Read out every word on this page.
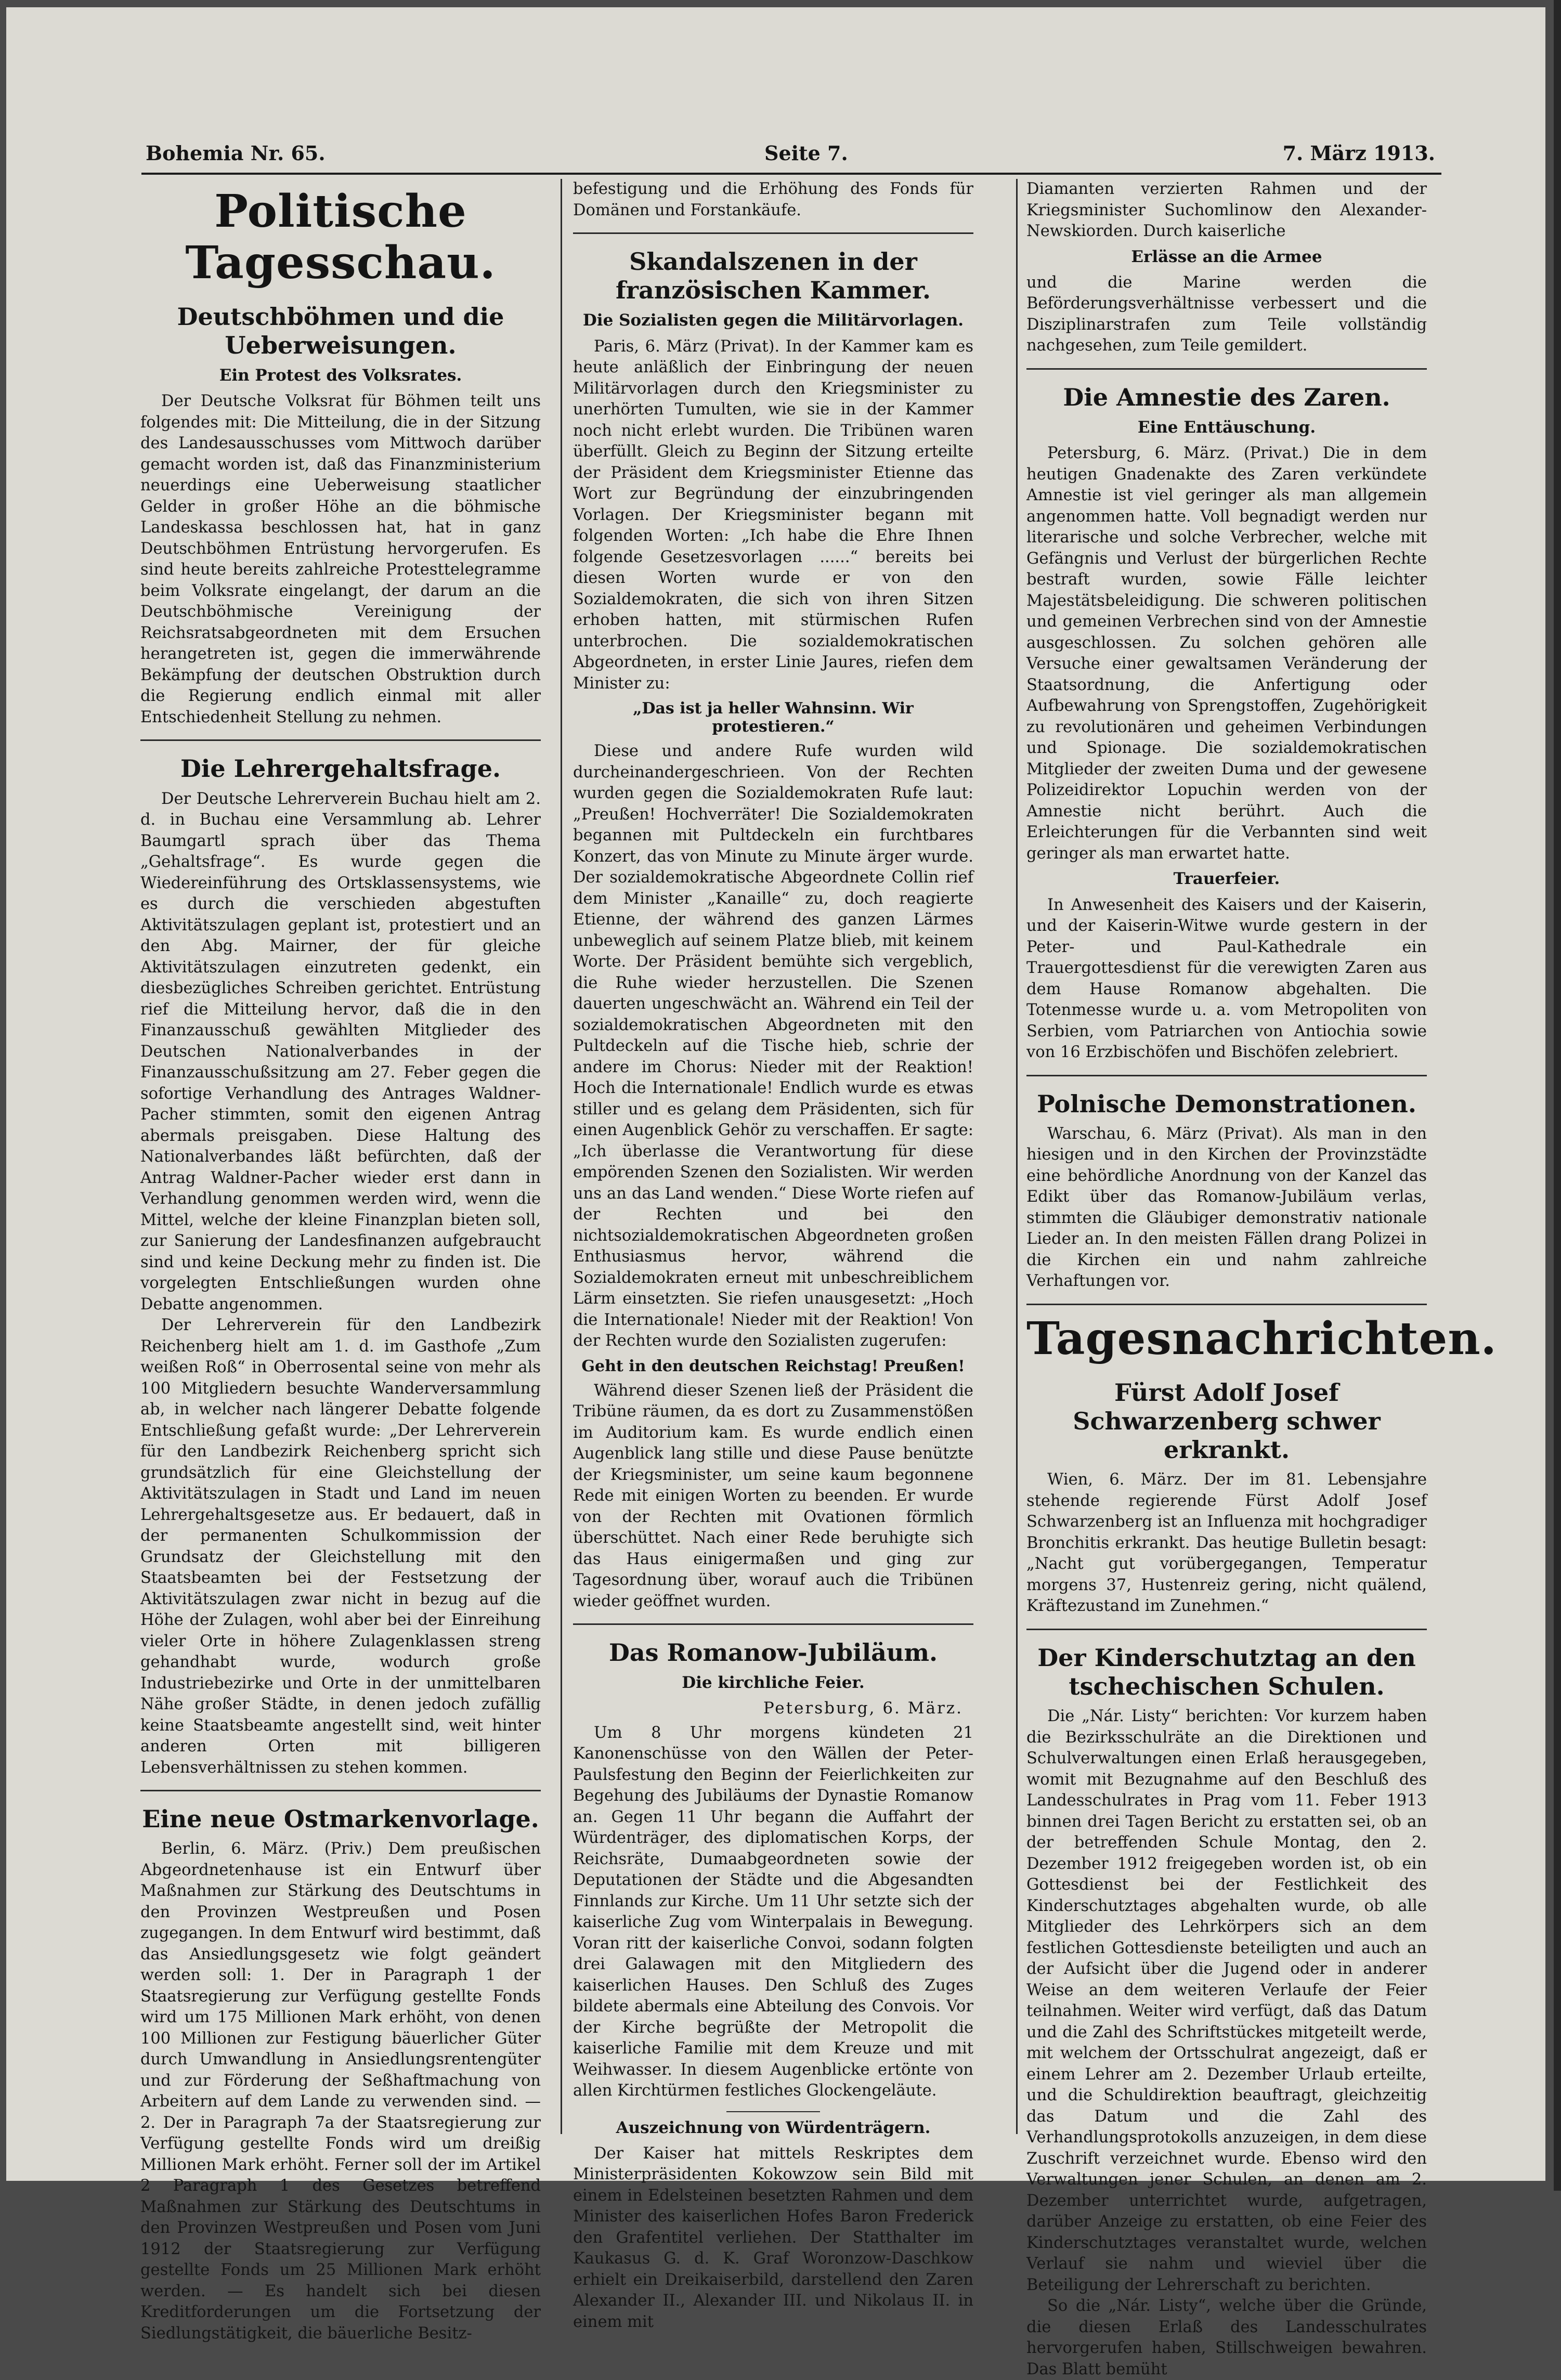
Bohemia Nr. 65.	Seite 7.	7. März 1913.
Politische Tagesschau.
Deutschböhmen und die Ueberweisungen.
Ein Protest des Volksrates.

Der Deutsche Volksrat für Böhmen teilt uns folgendes mit: Die Mitteilung, die in der Sitzung des Landesausschusses vom Mittwoch darüber gemacht worden ist, daß das Finanzministerium neuerdings eine Ueberweisung staatlicher Gelder in großer Höhe an die böhmische Landeskassa beschlossen hat, hat in ganz Deutschböhmen Entrüstung hervorgerufen. Es sind heute bereits zahlreiche Protesttelegramme beim Volksrate eingelangt, der darum an die Deutschböhmische Vereinigung der Reichsratsabgeordneten mit dem Ersuchen herangetreten ist, gegen die immerwährende Bekämpfung der deutschen Obstruktion durch die Regierung endlich einmal mit aller Entschiedenheit Stellung zu nehmen.

Die Lehrergehaltsfrage.

Der Deutsche Lehrerverein Buchau hielt am 2. d. in Buchau eine Versammlung ab. Lehrer Baumgartl sprach über das Thema „Gehaltsfrage“. Es wurde gegen die Wiedereinführung des Ortsklassensystems, wie es durch die verschieden abgestuften Aktivitätszulagen geplant ist, protestiert und an den Abg. Mairner, der für gleiche Aktivitätszulagen einzutreten gedenkt, ein diesbezügliches Schreiben gerichtet. Entrüstung rief die Mitteilung hervor, daß die in den Finanzausschuß gewählten Mitglieder des Deutschen Nationalverbandes in der Finanzausschußsitzung am 27. Feber gegen die sofortige Verhandlung des Antrages Waldner-Pacher stimmten, somit den eigenen Antrag abermals preisgaben. Diese Haltung des Nationalverbandes läßt befürchten, daß der Antrag Waldner-Pacher wieder erst dann in Verhandlung genommen werden wird, wenn die Mittel, welche der kleine Finanzplan bieten soll, zur Sanierung der Landesfinanzen aufgebraucht sind und keine Deckung mehr zu finden ist. Die vorgelegten Entschließungen wurden ohne Debatte angenommen.

Der Lehrerverein für den Landbezirk Reichenberg hielt am 1. d. im Gasthofe „Zum weißen Roß“ in Oberrosental seine von mehr als 100 Mitgliedern besuchte Wanderversammlung ab, in welcher nach längerer Debatte folgende Entschließung gefaßt wurde: „Der Lehrerverein für den Landbezirk Reichenberg spricht sich grundsätzlich für eine Gleichstellung der Aktivitätszulagen in Stadt und Land im neuen Lehrergehaltsgesetze aus. Er bedauert, daß in der permanenten Schulkommission der Grundsatz der Gleichstellung mit den Staatsbeamten bei der Festsetzung der Aktivitätszulagen zwar nicht in bezug auf die Höhe der Zulagen, wohl aber bei der Einreihung vieler Orte in höhere Zulagenklassen streng gehandhabt wurde, wodurch große Industriebezirke und Orte in der unmittelbaren Nähe großer Städte, in denen jedoch zufällig keine Staatsbeamte angestellt sind, weit hinter anderen Orten mit billigeren Lebensverhältnissen zu stehen kommen.

Eine neue Ostmarkenvorlage.

Berlin, 6. März. (Priv.) Dem preußischen Abgeordnetenhause ist ein Entwurf über Maßnahmen zur Stärkung des Deutschtums in den Provinzen Westpreußen und Posen zugegangen. In dem Entwurf wird bestimmt, daß das Ansiedlungsgesetz wie folgt geändert werden soll: 1. Der in Paragraph 1 der Staatsregierung zur Verfügung gestellte Fonds wird um 175 Millionen Mark erhöht, von denen 100 Millionen zur Festigung bäuerlicher Güter durch Umwandlung in Ansiedlungsrentengüter und zur Förderung der Seßhaftmachung von Arbeitern auf dem Lande zu verwenden sind. — 2. Der in Paragraph 7a der Staatsregierung zur Verfügung gestellte Fonds wird um dreißig Millionen Mark erhöht. Ferner soll der im Artikel 2 Paragraph 1 des Gesetzes betreffend Maßnahmen zur Stärkung des Deutschtums in den Provinzen Westpreußen und Posen vom Juni 1912 der Staatsregierung zur Verfügung gestellte Fonds um 25 Millionen Mark erhöht werden. — Es handelt sich bei diesen Kreditforderungen um die Fortsetzung der Siedlungstätigkeit, die bäuerliche Besitz-

befestigung und die Erhöhung des Fonds für Domänen und Forstankäufe.

Skandalszenen in der französischen Kammer.
Die Sozialisten gegen die Militärvorlagen.

Paris, 6. März (Privat). In der Kammer kam es heute anläßlich der Einbringung der neuen Militärvorlagen durch den Kriegsminister zu unerhörten Tumulten, wie sie in der Kammer noch nicht erlebt wurden. Die Tribünen waren überfüllt. Gleich zu Beginn der Sitzung erteilte der Präsident dem Kriegsminister Etienne das Wort zur Begründung der einzubringenden Vorlagen. Der Kriegsminister begann mit folgenden Worten: „Ich habe die Ehre Ihnen folgende Gesetzesvorlagen ......“ bereits bei diesen Worten wurde er von den Sozialdemokraten, die sich von ihren Sitzen erhoben hatten, mit stürmischen Rufen unterbrochen. Die sozialdemokratischen Abgeordneten, in erster Linie Jaures, riefen dem Minister zu:

„Das ist ja heller Wahnsinn. Wir protestieren.“

Diese und andere Rufe wurden wild durcheinandergeschrieen. Von der Rechten wurden gegen die Sozialdemokraten Rufe laut: „Preußen! Hochverräter! Die Sozialdemokraten begannen mit Pultdeckeln ein furchtbares Konzert, das von Minute zu Minute ärger wurde. Der sozialdemokratische Abgeordnete Collin rief dem Minister „Kanaille“ zu, doch reagierte Etienne, der während des ganzen Lärmes unbeweglich auf seinem Platze blieb, mit keinem Worte. Der Präsident bemühte sich vergeblich, die Ruhe wieder herzustellen. Die Szenen dauerten ungeschwächt an. Während ein Teil der sozialdemokratischen Abgeordneten mit den Pultdeckeln auf die Tische hieb, schrie der andere im Chorus: Nieder mit der Reaktion! Hoch die Internationale! Endlich wurde es etwas stiller und es gelang dem Präsidenten, sich für einen Augenblick Gehör zu verschaffen. Er sagte: „Ich überlasse die Verantwortung für diese empörenden Szenen den Sozialisten. Wir werden uns an das Land wenden.“ Diese Worte riefen auf der Rechten und bei den nichtsozialdemokratischen Abgeordneten großen Enthusiasmus hervor, während die Sozialdemokraten erneut mit unbeschreiblichem Lärm einsetzten. Sie riefen unausgesetzt: „Hoch die Internationale! Nieder mit der Reaktion! Von der Rechten wurde den Sozialisten zugerufen:

Geht in den deutschen Reichstag! Preußen!

Während dieser Szenen ließ der Präsident die Tribüne räumen, da es dort zu Zusammenstößen im Auditorium kam. Es wurde endlich einen Augenblick lang stille und diese Pause benützte der Kriegsminister, um seine kaum begonnene Rede mit einigen Worten zu beenden. Er wurde von der Rechten mit Ovationen förmlich überschüttet. Nach einer Rede beruhigte sich das Haus einigermaßen und ging zur Tagesordnung über, worauf auch die Tribünen wieder geöffnet wurden.

Das Romanow-Jubiläum.
Die kirchliche Feier.
Petersburg, 6. März.

Um 8 Uhr morgens kündeten 21 Kanonenschüsse von den Wällen der Peter-Paulsfestung den Beginn der Feierlichkeiten zur Begehung des Jubiläums der Dynastie Romanow an. Gegen 11 Uhr begann die Auffahrt der Würdenträger, des diplomatischen Korps, der Reichsräte, Dumaabgeordneten sowie der Deputationen der Städte und die Abgesandten Finnlands zur Kirche. Um 11 Uhr setzte sich der kaiserliche Zug vom Winterpalais in Bewegung. Voran ritt der kaiserliche Convoi, sodann folgten drei Galawagen mit den Mitgliedern des kaiserlichen Hauses. Den Schluß des Zuges bildete abermals eine Abteilung des Convois. Vor der Kirche begrüßte der Metropolit die kaiserliche Familie mit dem Kreuze und mit Weihwasser. In diesem Augenblicke ertönte von allen Kirchtürmen festliches Glockengeläute.

Auszeichnung von Würdenträgern.

Der Kaiser hat mittels Reskriptes dem Ministerpräsidenten Kokowzow sein Bild mit einem in Edelsteinen besetzten Rahmen und dem Minister des kaiserlichen Hofes Baron Frederick den Grafentitel verliehen. Der Statthalter im Kaukasus G. d. K. Graf Woronzow-Daschkow erhielt ein Dreikaiserbild, darstellend den Zaren Alexander II., Alexander III. und Nikolaus II. in einem mit

Diamanten verzierten Rahmen und der Kriegsminister Suchomlinow den Alexander-Newskiorden. Durch kaiserliche

Erlässe an die Armee

und die Marine werden die Beförderungsverhältnisse verbessert und die Disziplinarstrafen zum Teile vollständig nachgesehen, zum Teile gemildert.

Die Amnestie des Zaren.
Eine Enttäuschung.

Petersburg, 6. März. (Privat.) Die in dem heutigen Gnadenakte des Zaren verkündete Amnestie ist viel geringer als man allgemein angenommen hatte. Voll begnadigt werden nur literarische und solche Verbrecher, welche mit Gefängnis und Verlust der bürgerlichen Rechte bestraft wurden, sowie Fälle leichter Majestätsbeleidigung. Die schweren politischen und gemeinen Verbrechen sind von der Amnestie ausgeschlossen. Zu solchen gehören alle Versuche einer gewaltsamen Veränderung der Staatsordnung, die Anfertigung oder Aufbewahrung von Sprengstoffen, Zugehörigkeit zu revolutionären und geheimen Verbindungen und Spionage. Die sozialdemokratischen Mitglieder der zweiten Duma und der gewesene Polizeidirektor Lopuchin werden von der Amnestie nicht berührt. Auch die Erleichterungen für die Verbannten sind weit geringer als man erwartet hatte.

Trauerfeier.

In Anwesenheit des Kaisers und der Kaiserin, und der Kaiserin-Witwe wurde gestern in der Peter- und Paul-Kathedrale ein Trauergottesdienst für die verewigten Zaren aus dem Hause Romanow abgehalten. Die Totenmesse wurde u. a. vom Metropoliten von Serbien, vom Patriarchen von Antiochia sowie von 16 Erzbischöfen und Bischöfen zelebriert.

Polnische Demonstrationen.

Warschau, 6. März (Privat). Als man in den hiesigen und in den Kirchen der Provinzstädte eine behördliche Anordnung von der Kanzel das Edikt über das Romanow-Jubiläum verlas, stimmten die Gläubiger demonstrativ nationale Lieder an. In den meisten Fällen drang Polizei in die Kirchen ein und nahm zahlreiche Verhaftungen vor.

Tagesnachrichten.
Fürst Adolf Josef Schwarzenberg schwer erkrankt.

Wien, 6. März. Der im 81. Lebensjahre stehende regierende Fürst Adolf Josef Schwarzenberg ist an Influenza mit hochgradiger Bronchitis erkrankt. Das heutige Bulletin besagt: „Nacht gut vorübergegangen, Temperatur morgens 37, Hustenreiz gering, nicht quälend, Kräftezustand im Zunehmen.“

Der Kinderschutztag an den tschechischen Schulen.

Die „Nár. Listy“ berichten: Vor kurzem haben die Bezirksschulräte an die Direktionen und Schulverwaltungen einen Erlaß herausgegeben, womit mit Bezugnahme auf den Beschluß des Landesschulrates in Prag vom 11. Feber 1913 binnen drei Tagen Bericht zu erstatten sei, ob an der betreffenden Schule Montag, den 2. Dezember 1912 freigegeben worden ist, ob ein Gottesdienst bei der Festlichkeit des Kinderschutztages abgehalten wurde, ob alle Mitglieder des Lehrkörpers sich an dem festlichen Gottesdienste beteiligten und auch an der Aufsicht über die Jugend oder in anderer Weise an dem weiteren Verlaufe der Feier teilnahmen. Weiter wird verfügt, daß das Datum und die Zahl des Schriftstückes mitgeteilt werde, mit welchem der Ortsschulrat angezeigt, daß er einem Lehrer am 2. Dezember Urlaub erteilte, und die Schuldirektion beauftragt, gleichzeitig das Datum und die Zahl des Verhandlungsprotokolls anzuzeigen, in dem diese Zuschrift verzeichnet wurde. Ebenso wird den Verwaltungen jener Schulen, an denen am 2. Dezember unterrichtet wurde, aufgetragen, darüber Anzeige zu erstatten, ob eine Feier des Kinderschutztages veranstaltet wurde, welchen Verlauf sie nahm und wieviel über die Beteiligung der Lehrerschaft zu berichten.

So die „Nár. Listy“, welche über die Gründe, die diesen Erlaß des Landesschulrates hervorgerufen haben, Stillschweigen bewahren. Das Blatt bemüht
